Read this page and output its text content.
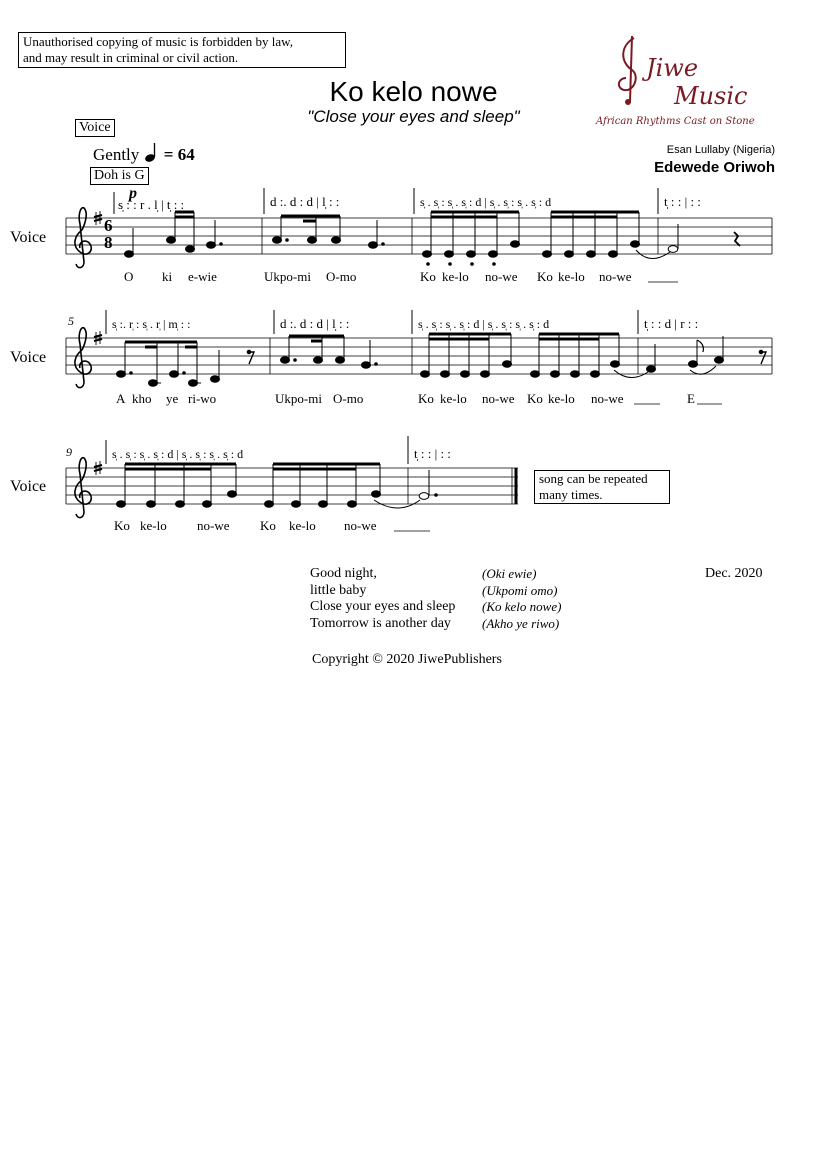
Unauthorised copying of music is forbidden by law,
and may result in criminal or civil action.	Jiwe
Music
African Rhythms Cast on Stone
Ko kelo nowe
"Close your eyes and sleep"
Voice
Gently = 64
Doh is G
Esan Lullaby (Nigeria)
Edewede Oriwoh
Voice
p
6
8
s̩ : : r . l̩ | t̩ : :	d :. d : d | l̩ : :	s̩ . s̩ : s̩ . s̩ : d | s̩ . s̩ : s̩ . s̩ : d	t̩ : : | : :
O ki e-wie	Ukpo-mi O-mo	Ko ke-lo no-we Ko ke-lo no-we
5
Voice
s̩ :. r̩ : s̩ . r̩ | m̩ : :	d :. d : d | l̩ : :	s̩ . s̩ : s̩ . s̩ : d | s̩ . s̩ : s̩ . s̩ : d	t̩ : : d | r : :
A kho ye ri-wo	Ukpo-mi O-mo	Ko ke-lo no-we Ko ke-lo no-we	E
9
Voice
s̩ . s̩ : s̩ . s̩ : d | s̩ . s̩ : s̩ . s̩ : d	t̩ : : | : :
Ko ke-lo no-we Ko ke-lo no-we
song can be repeated
many times.
Good night,	(Oki ewie)
little baby	(Ukpomi omo)
Close your eyes and sleep	(Ko kelo nowe)
Tomorrow is another day	(Akho ye riwo)
Dec. 2020
Copyright © 2020 JiwePublishers
